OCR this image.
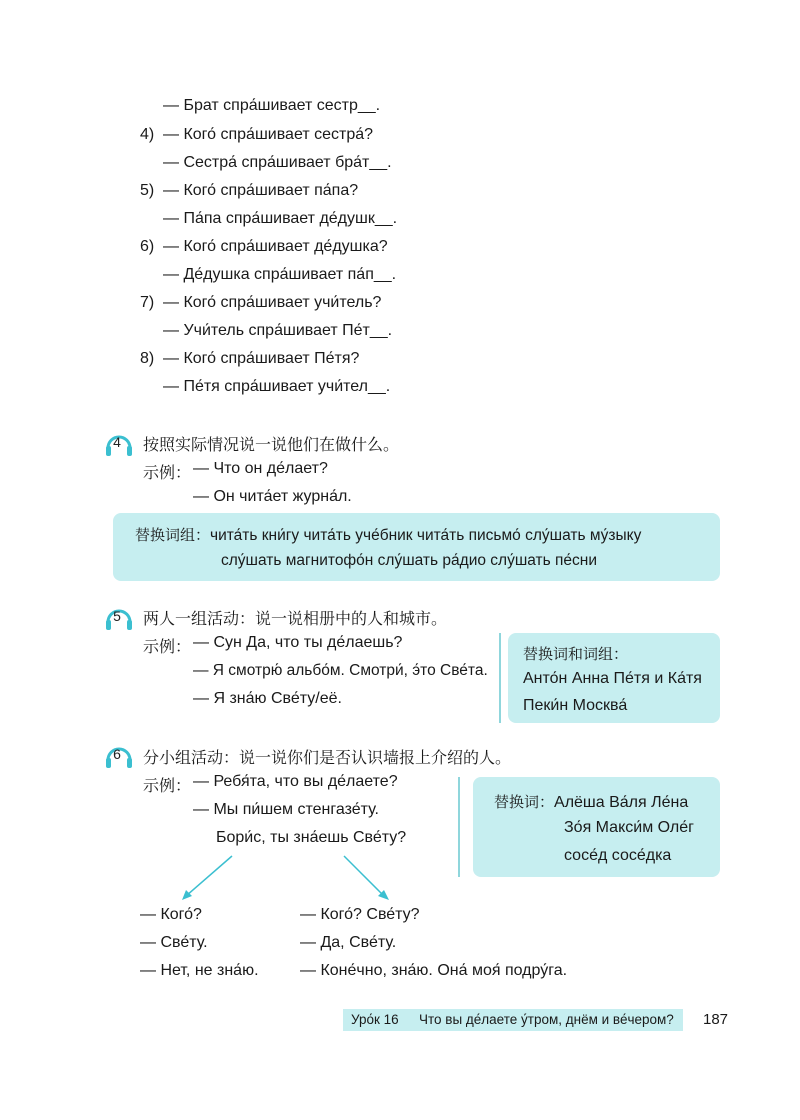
— Брат спра́шивает сестр__.
4) — Кого́ спра́шивает сестра́?
— Сестра́ спра́шивает бра́т__.
5) — Кого́ спра́шивает па́па?
— Па́па спра́шивает де́душк__.
6) — Кого́ спра́шивает де́душка?
— Де́душка спра́шивает па́п__.
7) — Кого́ спра́шивает учи́тель?
— Учи́тель спра́шивает Пе́т__.
8) — Кого́ спра́шивает Пе́тя?
— Пе́тя спра́шивает учи́тел__.
4	按照实际情况说一说他们在做什么。
示例： — Что он де́лает?
— Он чита́ет журна́л.
替换词组：чита́ть кни́гу чита́ть уче́бник чита́ть письмо́ слу́шать му́зыку
слу́шать магнитофо́н слу́шать ра́дио слу́шать пе́сни
5	两人一组活动：说一说相册中的人和城市。
示例： — Сун Да, что ты де́лаешь?
— Я смотрю́ альбо́м. Смотри́, э́то Све́та.
— Я зна́ю Све́ту/её.
替换词和词组：
Анто́н Анна Пе́тя и Ка́тя
Пеки́н Москва́
6	分小组活动：说一说你们是否认识墙报上介绍的人。
示例： — Ребя́та, что вы де́лаете?
— Мы пи́шем стенгазе́ту.
Бори́с, ты зна́ешь Све́ту?
替换词：Алёша Ва́ля Ле́на
Зо́я Макси́м Оле́г
сосе́д сосе́дка
— Кого́?
— Све́ту.
— Нет, не зна́ю.
— Кого́? Све́ту?
— Да, Све́ту.
— Коне́чно, зна́ю. Она́ моя́ подру́га.
Уро́к 16 Что вы де́лаете у́тром, днём и ве́чером? 187
